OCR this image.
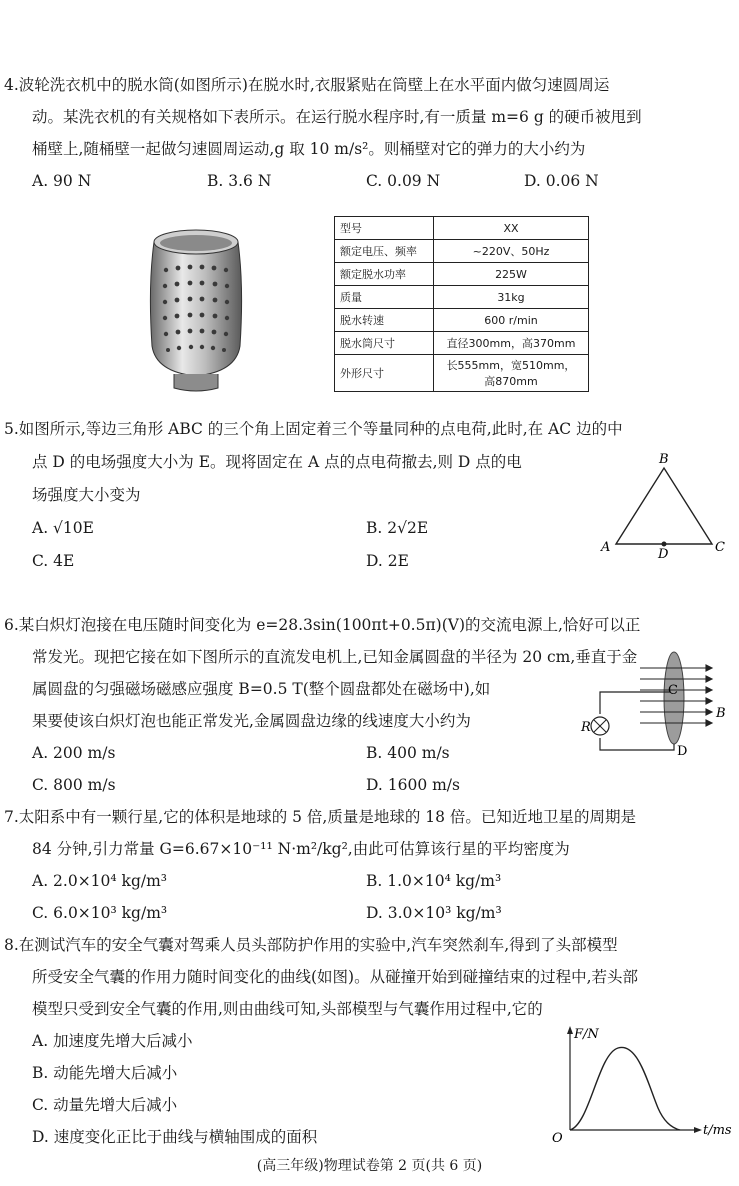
4.波轮洗衣机中的脱水筒(如图所示)在脱水时,衣服紧贴在筒壁上在水平面内做匀速圆周运
动。某洗衣机的有关规格如下表所示。在运行脱水程序时,有一质量 m=6 g 的硬币被甩到
桶壁上,随桶壁一起做匀速圆周运动,g 取 10 m/s²。则桶壁对它的弹力的大小约为
A. 90 N	B. 3.6 N	C. 0.09 N	D. 0.06 N
型号	XX
额定电压、频率	~220V、50Hz
额定脱水功率	225W
质量	31kg
脱水转速	600 r/min
脱水筒尺寸	直径300mm，高370mm
外形尺寸	长555mm，宽510mm，
高870mm
5.如图所示,等边三角形 ABC 的三个角上固定着三个等量同种的点电荷,此时,在 AC 边的中
点 D 的电场强度大小为 E。现将固定在 A 点的点电荷撤去,则 D 点的电
场强度大小变为
A. √10E	B. 2√2E
C. 4E	D. 2E
B
A	C
D
6.某白炽灯泡接在电压随时间变化为 e=28.3sin(100πt+0.5π)(V)的交流电源上,恰好可以正
常发光。现把它接在如下图所示的直流发电机上,已知金属圆盘的半径为 20 cm,垂直于金
属圆盘的匀强磁场磁感应强度 B=0.5 T(整个圆盘都处在磁场中),如
果要使该白炽灯泡也能正常发光,金属圆盘边缘的线速度大小约为
A. 200 m/s	B. 400 m/s
C. 800 m/s	D. 1600 m/s
R
C
B
D
7.太阳系中有一颗行星,它的体积是地球的 5 倍,质量是地球的 18 倍。已知近地卫星的周期是
84 分钟,引力常量 G=6.67×10⁻¹¹ N·m²/kg²,由此可估算该行星的平均密度为
A. 2.0×10⁴ kg/m³	B. 1.0×10⁴ kg/m³
C. 6.0×10³ kg/m³	D. 3.0×10³ kg/m³
8.在测试汽车的安全气囊对驾乘人员头部防护作用的实验中,汽车突然刹车,得到了头部模型
所受安全气囊的作用力随时间变化的曲线(如图)。从碰撞开始到碰撞结束的过程中,若头部
模型只受到安全气囊的作用,则由曲线可知,头部模型与气囊作用过程中,它的
A. 加速度先增大后减小
B. 动能先增大后减小
C. 动量先增大后减小
D. 速度变化正比于曲线与横轴围成的面积
F/N
t/ms
O
(高三年级)物理试卷第 2 页(共 6 页)
